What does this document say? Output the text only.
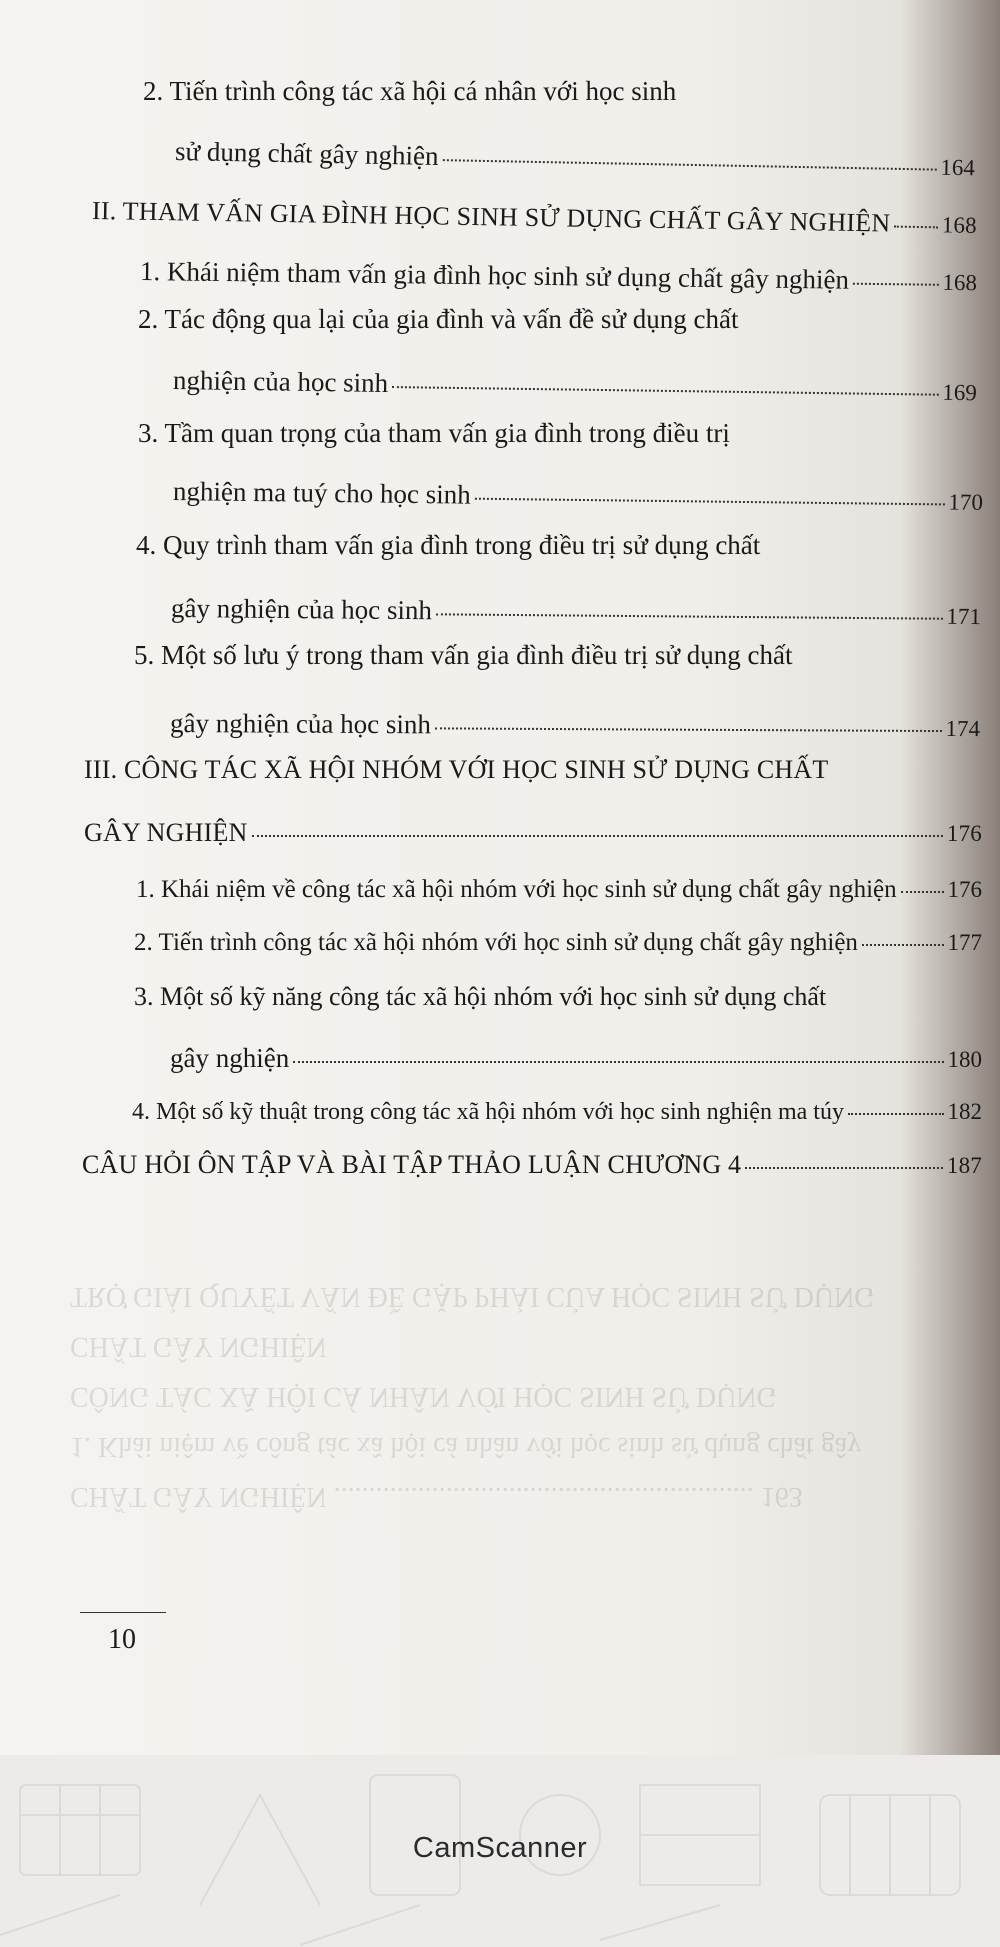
CHẤT GÂY NGHIỆN ............................................................ 163
1. Khái niệm về công tác xã hội cá nhân với học sinh sử dụng chất gây
CÔNG TÁC XÃ HỘI CÁ NHÂN VỚI HỌC SINH SỬ DỤNG
CHẤT GÂY NGHIỆN
TRỢ GIẢI QUYẾT VẤN ĐỀ GẶP PHẢI CỦA HỌC SINH SỬ DỤNG
2. Tiến trình công tác xã hội cá nhân với học sinh
sử dụng chất gây nghiện	164
II. THAM VẤN GIA ĐÌNH HỌC SINH SỬ DỤNG CHẤT GÂY NGHIỆN 168
1. Khái niệm tham vấn gia đình học sinh sử dụng chất gây nghiện	168
2. Tác động qua lại của gia đình và vấn đề sử dụng chất
nghiện của học sinh	169
3. Tầm quan trọng của tham vấn gia đình trong điều trị
nghiện ma tuý cho học sinh	170
4. Quy trình tham vấn gia đình trong điều trị sử dụng chất
gây nghiện của học sinh	171
5. Một số lưu ý trong tham vấn gia đình điều trị sử dụng chất
gây nghiện của học sinh	174
III. CÔNG TÁC XÃ HỘI NHÓM VỚI HỌC SINH SỬ DỤNG CHẤT
GÂY NGHIỆN	176
1. Khái niệm về công tác xã hội nhóm với học sinh sử dụng chất gây nghiện 176
2. Tiến trình công tác xã hội nhóm với học sinh sử dụng chất gây nghiện	177
3. Một số kỹ năng công tác xã hội nhóm với học sinh sử dụng chất
gây nghiện	180
4. Một số kỹ thuật trong công tác xã hội nhóm với học sinh nghiện ma túy	182
CÂU HỎI ÔN TẬP VÀ BÀI TẬP THẢO LUẬN CHƯƠNG 4	187
10
CamScanner
